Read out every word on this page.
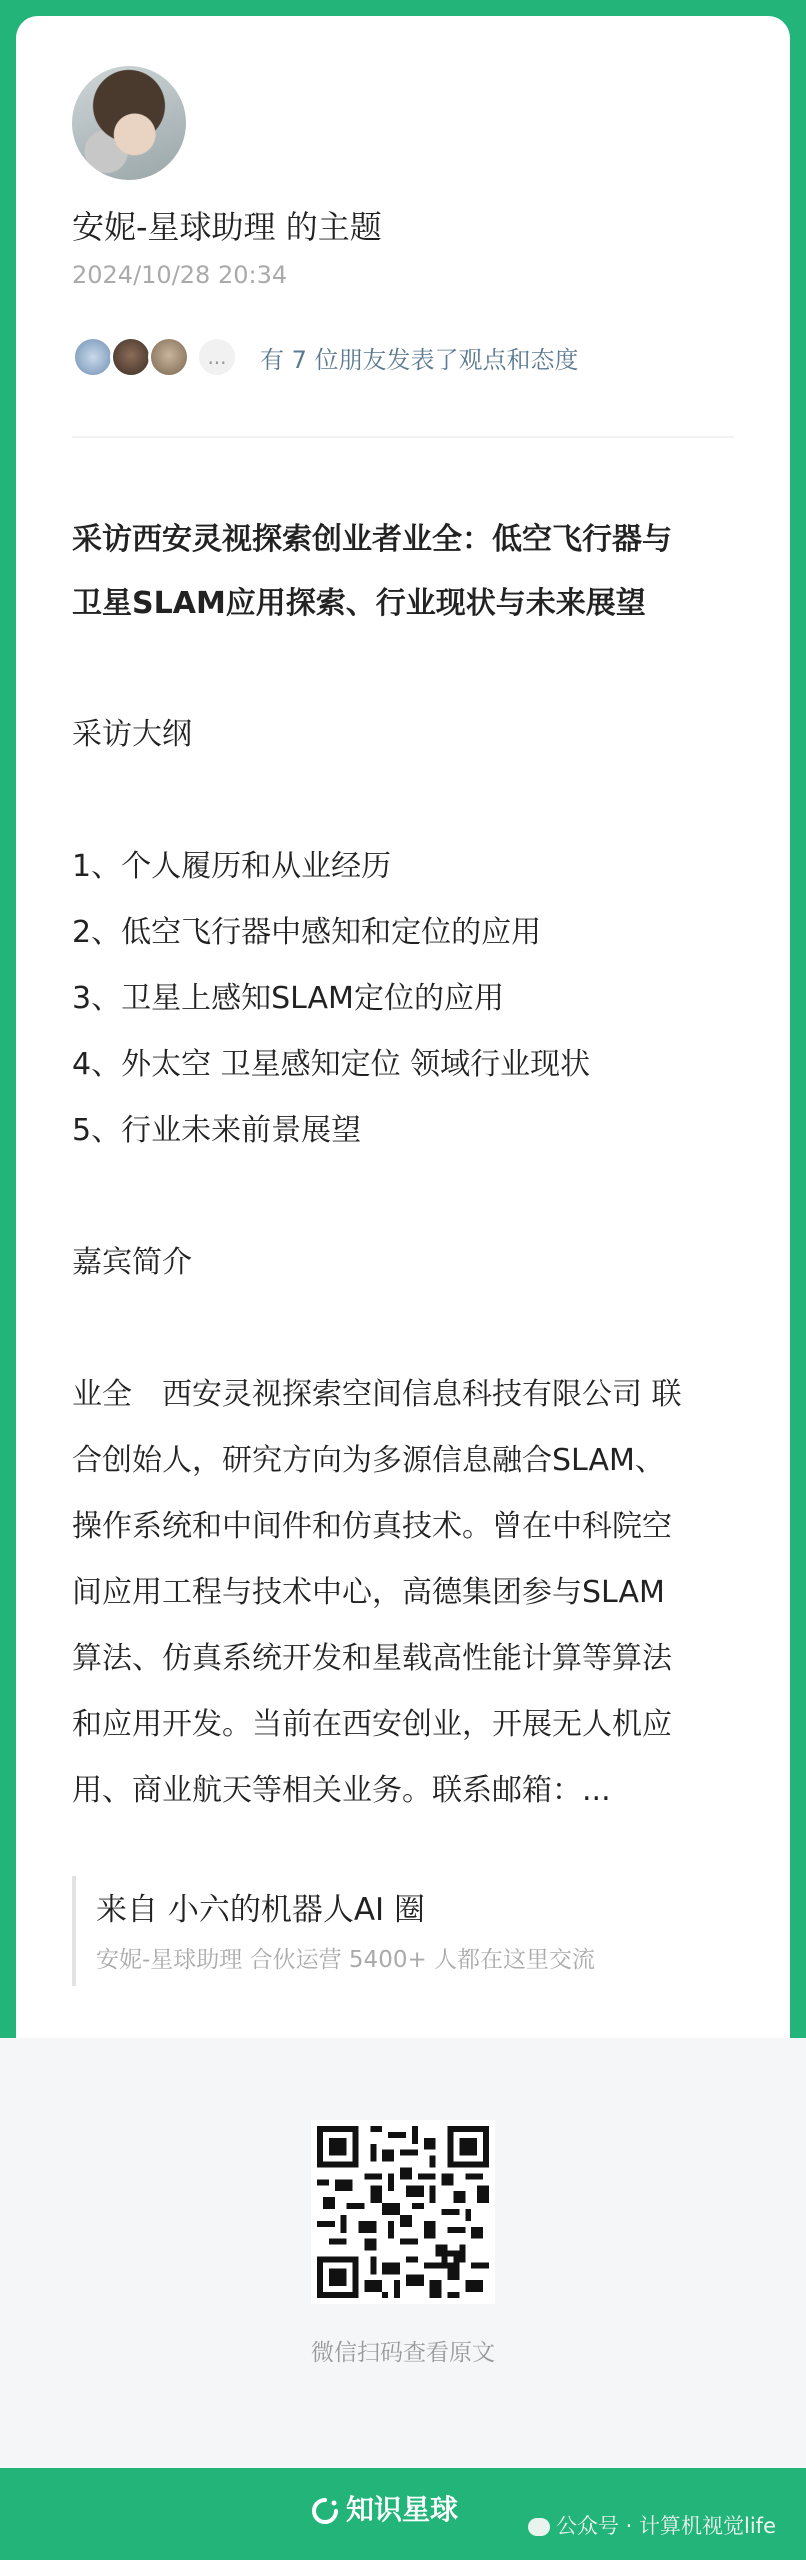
安妮-星球助理 的主题
2024/10/28 20:34
...	有 7 位朋友发表了观点和态度

采访西安灵视探索创业者业全：低空飞行器与

卫星SLAM应用探索、行业现状与未来展望

采访大纲

1、个人履历和从业经历

2、低空飞行器中感知和定位的应用

3、卫星上感知SLAM定位的应用

4、外太空 卫星感知定位 领域行业现状

5、行业未来前景展望

嘉宾简介

业全　西安灵视探索空间信息科技有限公司 联

合创始人，研究方向为多源信息融合SLAM、

操作系统和中间件和仿真技术。曾在中科院空

间应用工程与技术中心，高德集团参与SLAM

算法、仿真系统开发和星载高性能计算等算法

和应用开发。当前在西安创业，开展无人机应

用、商业航天等相关业务。联系邮箱：...

来自 小六的机器人AI 圈
安妮-星球助理 合伙运营 5400+ 人都在这里交流
微信扫码查看原文
知识星球	公众号 · 计算机视觉life
